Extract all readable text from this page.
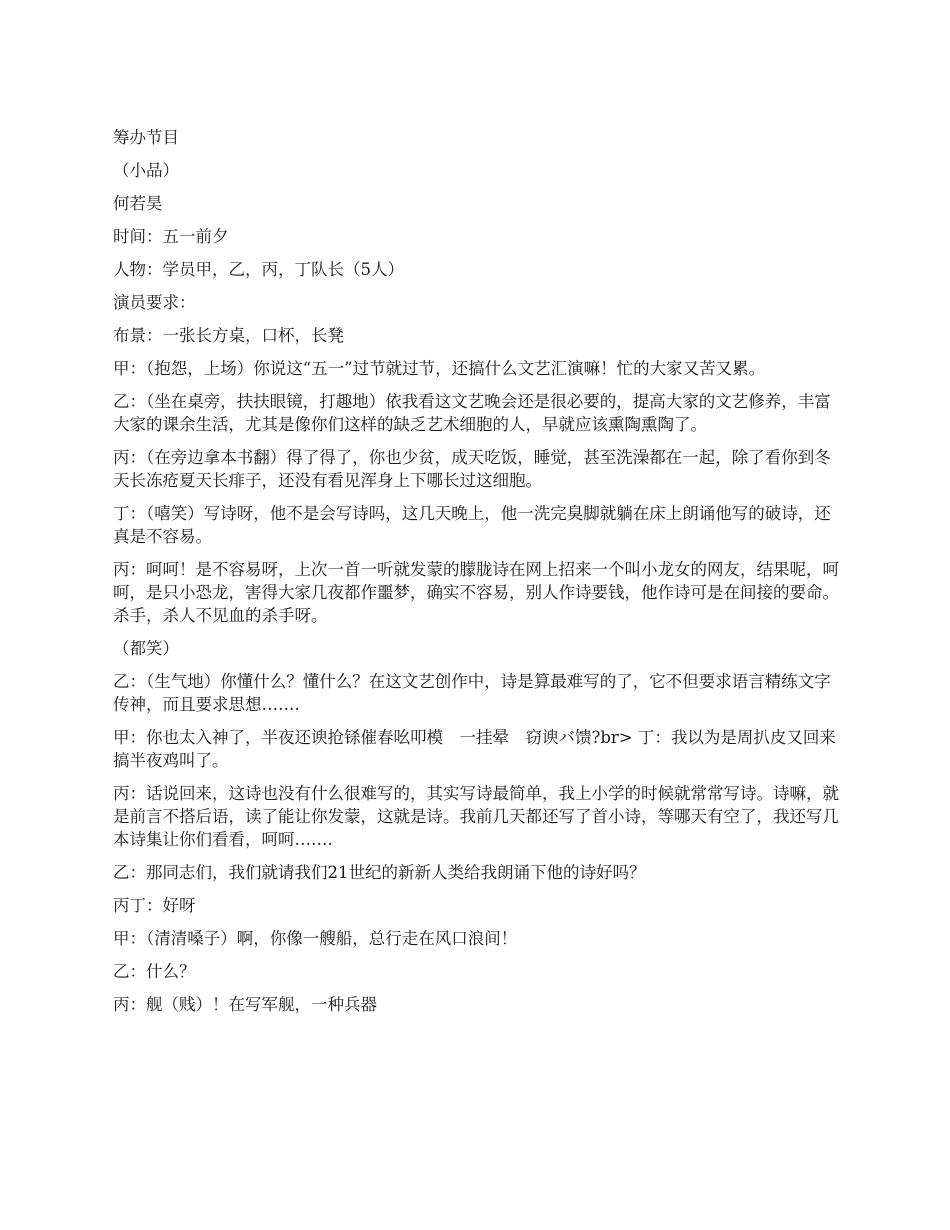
筹办节目

（小品）

何若昊

时间：五一前夕

人物：学员甲，乙，丙，丁队长（5人）

演员要求：

布景：一张长方桌，口杯，长凳

甲：（抱怨，上场）你说这“五一”过节就过节，还搞什么文艺汇演嘛！忙的大家又苦又累。

乙：（坐在桌旁，扶扶眼镜，打趣地）依我看这文艺晚会还是很必要的，提高大家的文艺修养，丰富大家的课余生活，尤其是像你们这样的缺乏艺术细胞的人，早就应该熏陶熏陶了。

丙：（在旁边拿本书翻）得了得了，你也少贫，成天吃饭，睡觉，甚至洗澡都在一起，除了看你到冬天长冻疮夏天长痱子，还没有看见浑身上下哪长过这细胞。

丁：（嘻笑）写诗呀，他不是会写诗吗，这几天晚上，他一洗完臭脚就躺在床上朗诵他写的破诗，还真是不容易。

丙：呵呵！是不容易呀，上次一首一听就发蒙的朦胧诗在网上招来一个叫小龙女的网友，结果呢，呵呵，是只小恐龙，害得大家几夜都作噩梦，确实不容易，别人作诗要钱，他作诗可是在间接的要命。杀手，杀人不见血的杀手呀。

（都笑）

乙：（生气地）你懂什么？懂什么？在这文艺创作中，诗是算最难写的了，它不但要求语言精练文字传神，而且要求思想…….

甲：你也太入神了，半夜还谀抢铩催春吆叩模　一挂晕　窃谀バ馈?br> 丁：我以为是周扒皮又回来搞半夜鸡叫了。

丙：话说回来，这诗也没有什么很难写的，其实写诗最简单，我上小学的时候就常常写诗。诗嘛，就是前言不搭后语，读了能让你发蒙，这就是诗。我前几天都还写了首小诗，等哪天有空了，我还写几本诗集让你们看看，呵呵…….

乙：那同志们，我们就请我们21世纪的新新人类给我朗诵下他的诗好吗？

丙丁：好呀

甲：（清清嗓子）啊，你像一艘船，总行走在风口浪间！

乙：什么？

丙：舰（贱）！在写军舰，一种兵器
